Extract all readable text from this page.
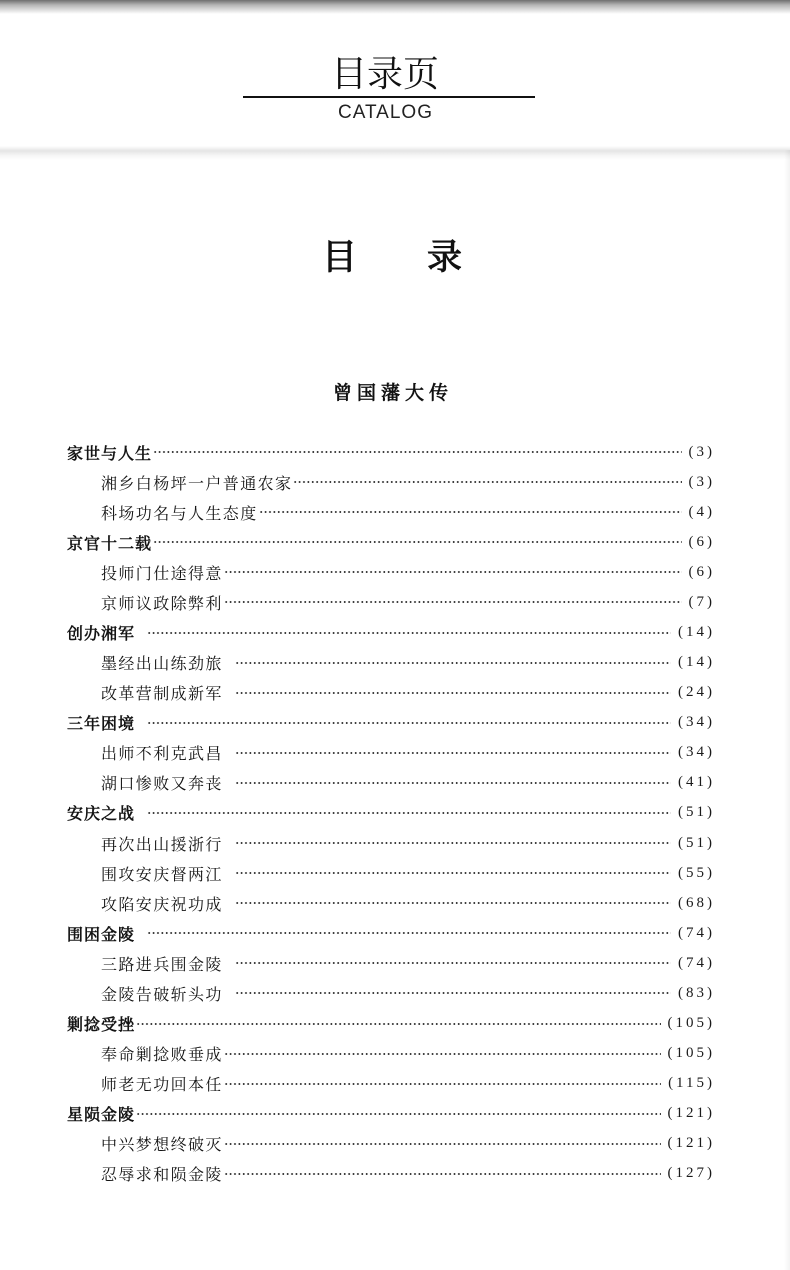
目录页
CATALOG
目　　录
曾国藩大传
家世与人生	(3)
湘乡白杨坪一户普通农家	(3)
科场功名与人生态度	(4)
京官十二载	(6)
投师门仕途得意	(6)
京师议政除弊利	(7)
创办湘军	(14)
墨经出山练劲旅	(14)
改革营制成新军	(24)
三年困境	(34)
出师不利克武昌	(34)
湖口惨败又奔丧	(41)
安庆之战	(51)
再次出山援浙行	(51)
围攻安庆督两江	(55)
攻陷安庆祝功成	(68)
围困金陵	(74)
三路进兵围金陵	(74)
金陵告破斩头功	(83)
剿捻受挫	(105)
奉命剿捻败垂成	(105)
师老无功回本任	(115)
星陨金陵	(121)
中兴梦想终破灭	(121)
忍辱求和陨金陵	(127)
